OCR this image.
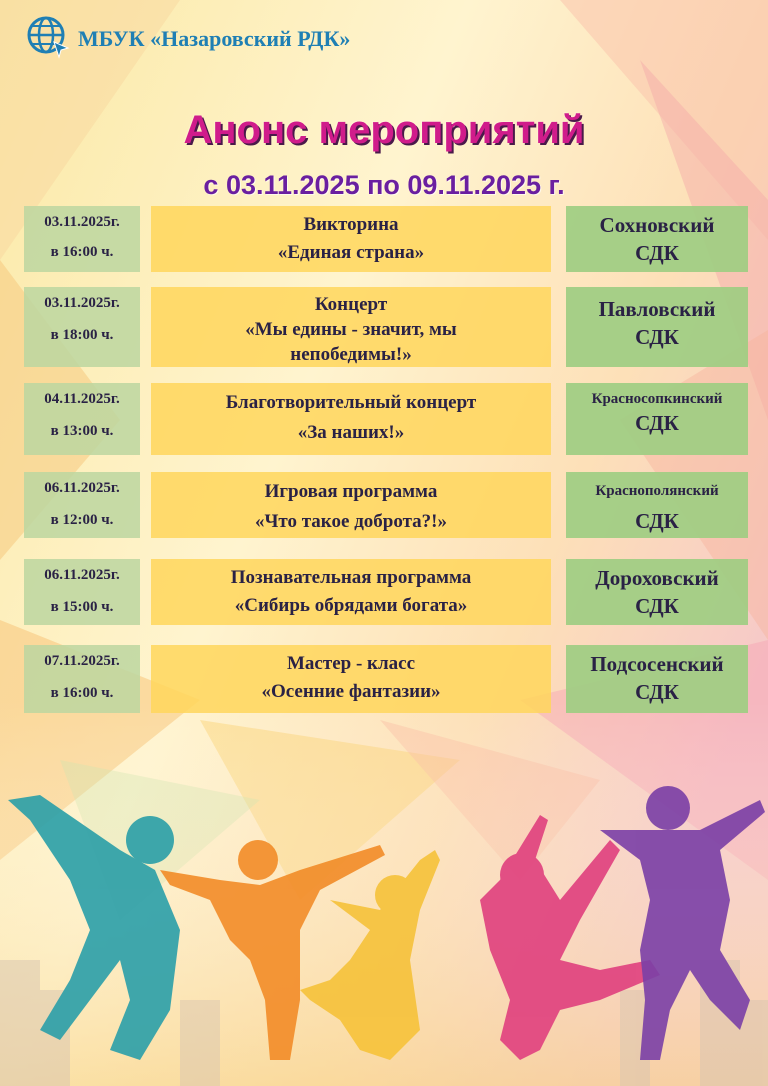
МБУК «Назаровский РДК»
Анонс мероприятий
с 03.11.2025 по 09.11.2025 г.
03.11.2025г.
в 16:00 ч.
Викторина
«Единая страна»
Сохновский
СДК
03.11.2025г.
в 18:00 ч.
Концерт
«Мы едины - значит, мы
непобедимы!»
Павловский
СДК
04.11.2025г.
в 13:00 ч.
Благотворительный концерт
«За наших!»
Красносопкинский
СДК
06.11.2025г.
в 12:00 ч.
Игровая программа
«Что такое доброта?!»
Краснополянский
СДК
06.11.2025г.
в 15:00 ч.
Познавательная программа
«Сибирь обрядами богата»
Дороховский
СДК
07.11.2025г.
в 16:00 ч.
Мастер - класс
«Осенние фантазии»
Подсосенский
СДК
